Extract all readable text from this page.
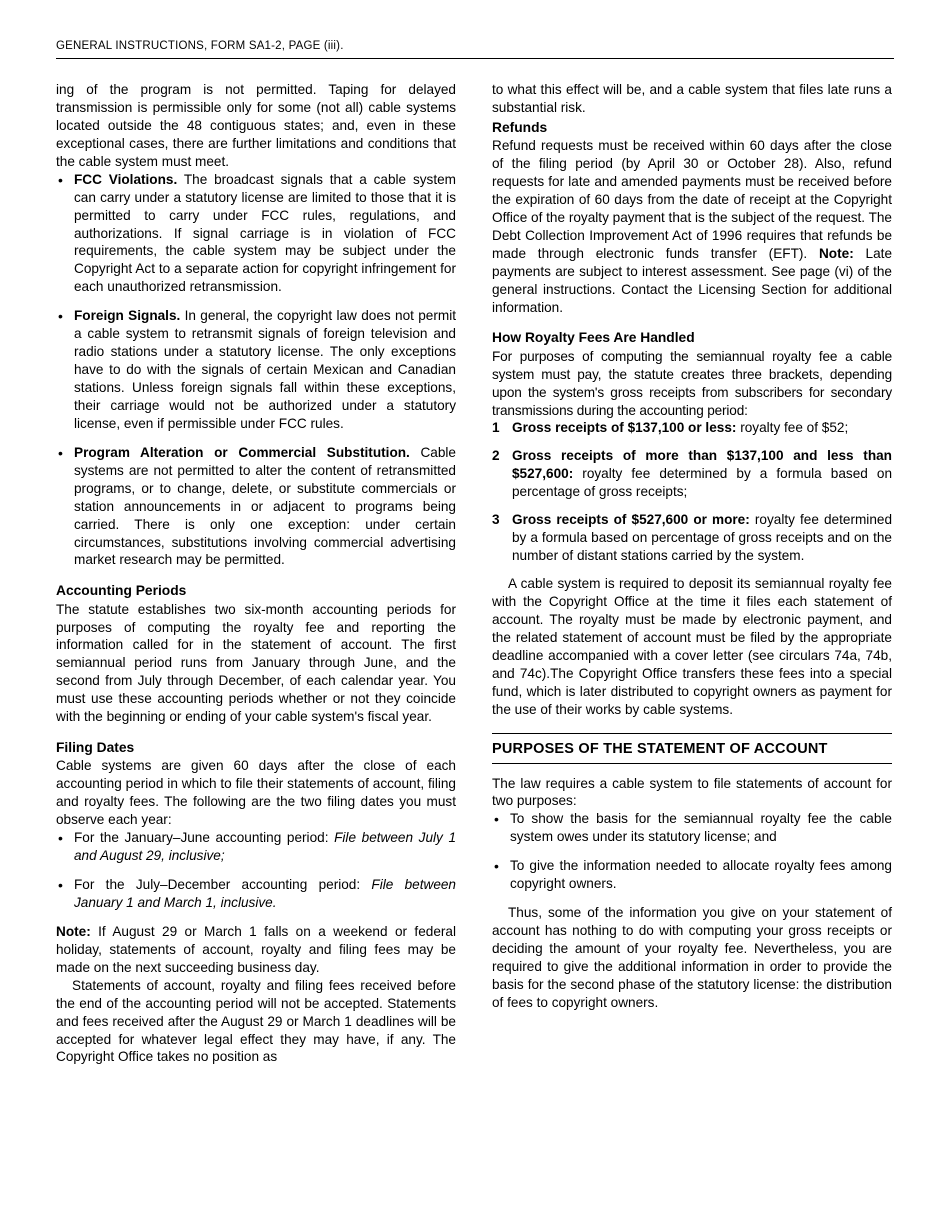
GENERAL INSTRUCTIONS, FORM SA1-2, PAGE (iii).
ing of the program is not permitted. Taping for delayed transmission is permissible only for some (not all) cable systems located outside the 48 contiguous states; and, even in these exceptional cases, there are further limitations and conditions that the cable system must meet.
• FCC Violations. The broadcast signals that a cable system can carry under a statutory license are limited to those that it is permitted to carry under FCC rules, regulations, and authorizations. If signal carriage is in violation of FCC requirements, the cable system may be subject under the Copyright Act to a separate action for copyright infringement for each unauthorized retransmission.
• Foreign Signals. In general, the copyright law does not permit a cable system to retransmit signals of foreign television and radio stations under a statutory license. The only exceptions have to do with the signals of certain Mexican and Canadian stations. Unless foreign signals fall within these exceptions, their carriage would not be authorized under a statutory license, even if permissible under FCC rules.
• Program Alteration or Commercial Substitution. Cable systems are not permitted to alter the content of retransmitted programs, or to change, delete, or substitute commercials or station announcements in or adjacent to programs being carried. There is only one exception: under certain circumstances, substitutions involving commercial advertising market research may be permitted.
Accounting Periods
The statute establishes two six-month accounting periods for purposes of computing the royalty fee and reporting the information called for in the statement of account. The first semiannual period runs from January through June, and the second from July through December, of each calendar year. You must use these accounting periods whether or not they coincide with the beginning or ending of your cable system's fiscal year.
Filing Dates
Cable systems are given 60 days after the close of each accounting period in which to file their statements of account, filing and royalty fees. The following are the two filing dates you must observe each year:
• For the January–June accounting period: File between July 1 and August 29, inclusive;
• For the July–December accounting period: File between January 1 and March 1, inclusive.
Note: If August 29 or March 1 falls on a weekend or federal holiday, statements of account, royalty and filing fees may be made on the next succeeding business day.
Statements of account, royalty and filing fees received before the end of the accounting period will not be accepted. Statements and fees received after the August 29 or March 1 deadlines will be accepted for whatever legal effect they may have, if any. The Copyright Office takes no position as
to what this effect will be, and a cable system that files late runs a substantial risk.
Refunds
Refund requests must be received within 60 days after the close of the filing period (by April 30 or October 28). Also, refund requests for late and amended payments must be received before the expiration of 60 days from the date of receipt at the Copyright Office of the royalty payment that is the subject of the request. The Debt Collection Improvement Act of 1996 requires that refunds be made through electronic funds transfer (EFT). Note: Late payments are subject to interest assessment. See page (vi) of the general instructions. Contact the Licensing Section for additional information.
How Royalty Fees Are Handled
For purposes of computing the semiannual royalty fee a cable system must pay, the statute creates three brackets, depending upon the system's gross receipts from subscribers for secondary transmissions during the accounting period:
1 Gross receipts of $137,100 or less: royalty fee of $52;
2 Gross receipts of more than $137,100 and less than $527,600: royalty fee determined by a formula based on percentage of gross receipts;
3 Gross receipts of $527,600 or more: royalty fee determined by a formula based on percentage of gross receipts and on the number of distant stations carried by the system.
A cable system is required to deposit its semiannual royalty fee with the Copyright Office at the time it files each statement of account. The royalty must be made by electronic payment, and the related statement of account must be filed by the appropriate deadline accompanied with a cover letter (see circulars 74a, 74b, and 74c).The Copyright Office transfers these fees into a special fund, which is later distributed to copyright owners as payment for the use of their works by cable systems.
PURPOSES OF THE STATEMENT OF ACCOUNT
The law requires a cable system to file statements of account for two purposes:
• To show the basis for the semiannual royalty fee the cable system owes under its statutory license; and
• To give the information needed to allocate royalty fees among copyright owners.
Thus, some of the information you give on your statement of account has nothing to do with computing your gross receipts or deciding the amount of your royalty fee. Nevertheless, you are required to give the additional information in order to provide the basis for the second phase of the statutory license: the distribution of fees to copyright owners.
